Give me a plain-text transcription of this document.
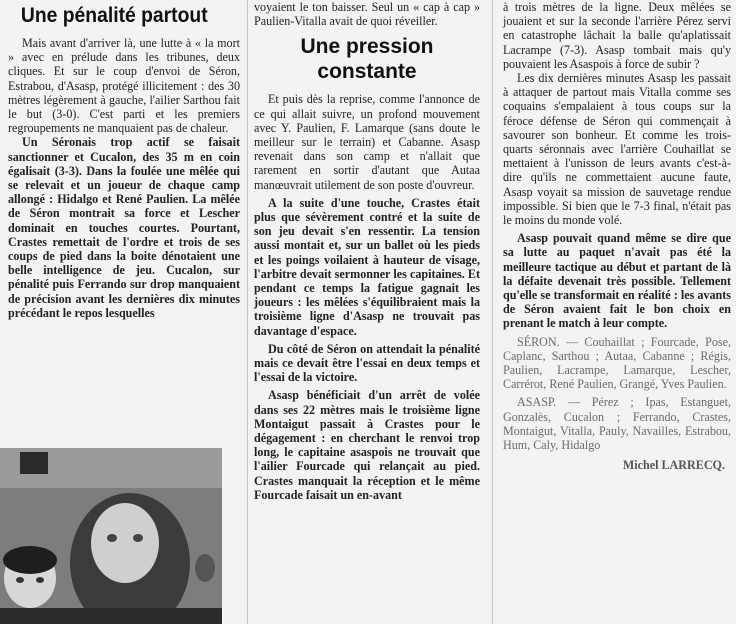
Une pénalité partout

Mais avant d'arriver là, une lutte à « la mort » avec en prélude dans les tribunes, deux cliques. Et sur le coup d'envoi de Séron, Estrabou, d'Asasp, protégé illicitement : des 30 mètres légèrement à gauche, l'ailier Sarthou fait le but (3-0). C'est parti et les premiers regroupements ne manquaient pas de chaleur.

Un Séronais trop actif se faisait sanctionner et Cucalon, des 35 m en coin égalisait (3-3). Dans la foulée une mêlée qui se relevait et un joueur de chaque camp allongé : Hidalgo et René Paulien. La mêlée de Séron montrait sa force et Lescher dominait en touches courtes. Pourtant, Crastes remettait de l'ordre et trois de ses coups de pied dans la boite dénotaient une belle intelligence de jeu. Cucalon, sur pénalité puis Ferrando sur drop manquaient de précision avant les dernières dix minutes précédant le repos lesquelles

voyaient le ton baisser. Seul un « cap à cap » Paulien-Vitalla avait de quoi réveiller.

Une pression constante

Et puis dès la reprise, comme l'annonce de ce qui allait suivre, un profond mouvement avec Y. Paulien, F. Lamarque (sans doute le meilleur sur le terrain) et Cabanne. Asasp revenait dans son camp et n'allait que rarement en sortir d'autant que Autaa manœuvrait utilement de son poste d'ouvreur.

A la suite d'une touche, Crastes était plus que sévèrement contré et la suite de son jeu devait s'en ressentir. La tension aussi montait et, sur un ballet où les pieds et les poings voilaient à hauteur de visage, l'arbitre devait sermonner les capitaines. Et pendant ce temps la fatigue gagnait les joueurs : les mêlées s'équilibraient mais la troisième ligne d'Asasp ne trouvait pas davantage d'espace.

Du côté de Séron on attendait la pénalité mais ce devait être l'essai en deux temps et l'essai de la victoire.

Asasp bénéficiait d'un arrêt de volée dans ses 22 mètres mais le troisième ligne Montaigut passait à Crastes pour le dégagement : en cherchant le renvoi trop long, le capitaine asaspois ne trouvait que l'ailier Fourcade qui relançait au pied. Crastes manquait la réception et le même Fourcade faisait un en-avant

à trois mètres de la ligne. Deux mêlées se jouaient et sur la seconde l'arrière Pérez servi en catastrophe lâchait la balle qu'aplatissait Lacrampe (7-3). Asasp tombait mais qu'y pouvaient les Asaspois à force de subir ?

Les dix dernières minutes Asasp les passait à attaquer de partout mais Vitalla comme ses coquains s'empalaient à tous coups sur la féroce défense de Séron qui commençait à savourer son bonheur. Et comme les trois-quarts séronnais avec l'arrière Couhaillat se mettaient à l'unisson de leurs avants c'est-à-dire qu'ils ne commettaient aucune faute, Asasp voyait sa mission de sauvetage rendue impossible. Si bien que le 7-3 final, n'était pas le moins du monde volé.

Asasp pouvait quand même se dire que sa lutte au paquet n'avait pas été la meilleure tactique au début et partant de là la défaite devenait très possible. Tellement qu'elle se transformait en réalité : les avants de Séron avaient fait le bon choix en prenant le match à leur compte.

SÉRON. — Couhaillat ; Fourcade, Pose, Caplanc, Sarthou ; Autaa, Cabanne ; Régis, Paulien, Lacrampe, Lamarque, Lescher, Carrérot, René Paulien, Grangé, Yves Paulien.

ASASP. — Pérez ; Ipas, Estanguet, Gonzalès, Cucalon ; Ferrando, Crastes, Montaigut, Vitalla, Pauly, Navailles, Estrabou, Hum, Caly, Hidalgo

Michel LARRECQ.
